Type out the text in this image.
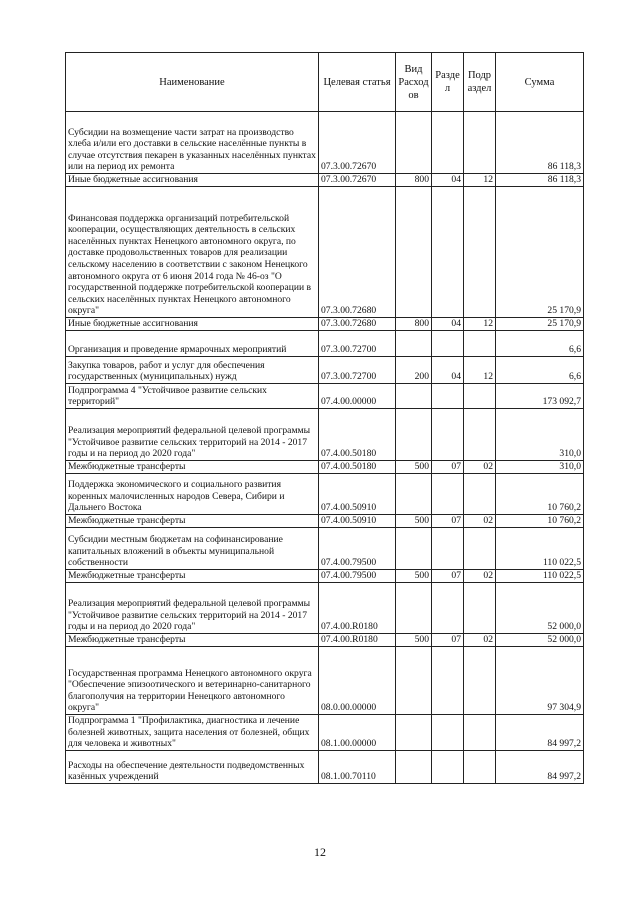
Наименование	Целевая статья	Вид Расход ов	Разде л	Подр аздел	Сумма
Субсидии на возмещение части затрат на производство хлеба и/или его доставки в сельские населённые пункты в случае отсутствия пекарен в указанных населённых пунктах или на период их ремонта	07.3.00.72670				86 118,3
Иные бюджетные ассигнования	07.3.00.72670	800	04	12	86 118,3
Финансовая поддержка организаций потребительской кооперации, осуществляющих деятельность в сельских населённых пунктах Ненецкого автономного округа, по доставке продовольственных товаров для реализации сельскому населению в соответствии с законом Ненецкого автономного округа от 6 июня 2014 года № 46-оз "О государственной поддержке потребительской кооперации в сельских населённых пунктах Ненецкого автономного округа"	07.3.00.72680				25 170,9
Иные бюджетные ассигнования	07.3.00.72680	800	04	12	25 170,9
Организация и проведение ярмарочных мероприятий	07.3.00.72700				6,6
Закупка товаров, работ и услуг для обеспечения государственных (муниципальных) нужд	07.3.00.72700	200	04	12	6,6
Подпрограмма 4 "Устойчивое развитие сельских территорий"	07.4.00.00000				173 092,7
Реализация мероприятий федеральной целевой программы "Устойчивое развитие сельских территорий на 2014 - 2017 годы и на период до 2020 года"	07.4.00.50180				310,0
Межбюджетные трансферты	07.4.00.50180	500	07	02	310,0
Поддержка экономического и социального развития коренных малочисленных народов Севера, Сибири и Дальнего Востока	07.4.00.50910				10 760,2
Межбюджетные трансферты	07.4.00.50910	500	07	02	10 760,2
Субсидии местным бюджетам на софинансирование капитальных вложений в объекты муниципальной собственности	07.4.00.79500				110 022,5
Межбюджетные трансферты	07.4.00.79500	500	07	02	110 022,5
Реализация мероприятий федеральной целевой программы "Устойчивое развитие сельских территорий на 2014 - 2017 годы и на период до 2020 года"	07.4.00.R0180				52 000,0
Межбюджетные трансферты	07.4.00.R0180	500	07	02	52 000,0
Государственная программа Ненецкого автономного округа "Обеспечение эпизоотического и ветеринарно-санитарного благополучия на территории Ненецкого автономного округа"	08.0.00.00000				97 304,9
Подпрограмма 1 "Профилактика, диагностика и лечение болезней животных, защита населения от болезней, общих для человека и животных"	08.1.00.00000				84 997,2
Расходы на обеспечение деятельности подведомственных казённых учреждений	08.1.00.70110				84 997,2
12
